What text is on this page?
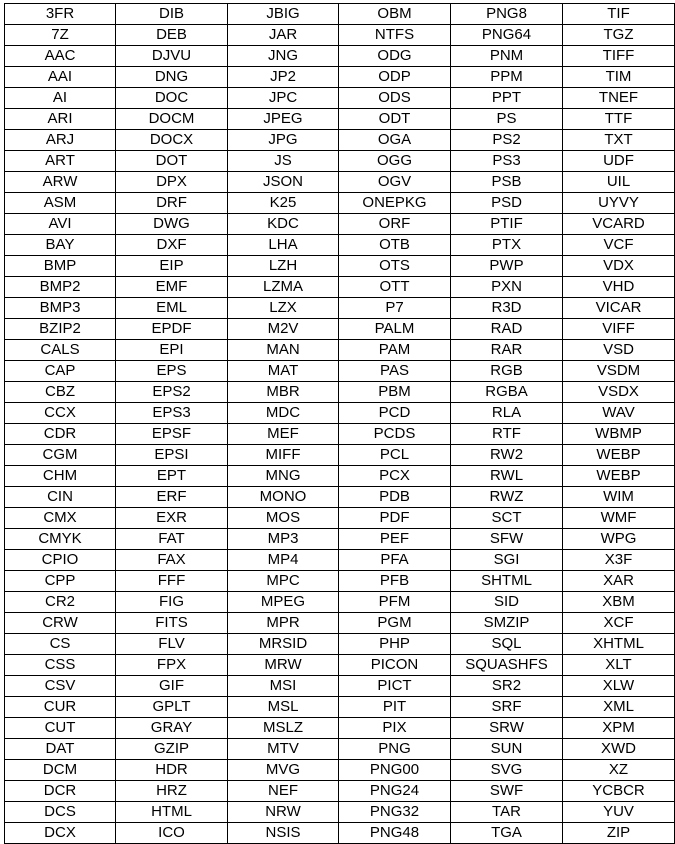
3FR	DIB	JBIG	OBM	PNG8	TIF
7Z	DEB	JAR	NTFS	PNG64	TGZ
AAC	DJVU	JNG	ODG	PNM	TIFF
AAI	DNG	JP2	ODP	PPM	TIM
AI	DOC	JPC	ODS	PPT	TNEF
ARI	DOCM	JPEG	ODT	PS	TTF
ARJ	DOCX	JPG	OGA	PS2	TXT
ART	DOT	JS	OGG	PS3	UDF
ARW	DPX	JSON	OGV	PSB	UIL
ASM	DRF	K25	ONEPKG	PSD	UYVY
AVI	DWG	KDC	ORF	PTIF	VCARD
BAY	DXF	LHA	OTB	PTX	VCF
BMP	EIP	LZH	OTS	PWP	VDX
BMP2	EMF	LZMA	OTT	PXN	VHD
BMP3	EML	LZX	P7	R3D	VICAR
BZIP2	EPDF	M2V	PALM	RAD	VIFF
CALS	EPI	MAN	PAM	RAR	VSD
CAP	EPS	MAT	PAS	RGB	VSDM
CBZ	EPS2	MBR	PBM	RGBA	VSDX
CCX	EPS3	MDC	PCD	RLA	WAV
CDR	EPSF	MEF	PCDS	RTF	WBMP
CGM	EPSI	MIFF	PCL	RW2	WEBP
CHM	EPT	MNG	PCX	RWL	WEBP
CIN	ERF	MONO	PDB	RWZ	WIM
CMX	EXR	MOS	PDF	SCT	WMF
CMYK	FAT	MP3	PEF	SFW	WPG
CPIO	FAX	MP4	PFA	SGI	X3F
CPP	FFF	MPC	PFB	SHTML	XAR
CR2	FIG	MPEG	PFM	SID	XBM
CRW	FITS	MPR	PGM	SMZIP	XCF
CS	FLV	MRSID	PHP	SQL	XHTML
CSS	FPX	MRW	PICON	SQUASHFS	XLT
CSV	GIF	MSI	PICT	SR2	XLW
CUR	GPLT	MSL	PIT	SRF	XML
CUT	GRAY	MSLZ	PIX	SRW	XPM
DAT	GZIP	MTV	PNG	SUN	XWD
DCM	HDR	MVG	PNG00	SVG	XZ
DCR	HRZ	NEF	PNG24	SWF	YCBCR
DCS	HTML	NRW	PNG32	TAR	YUV
DCX	ICO	NSIS	PNG48	TGA	ZIP
